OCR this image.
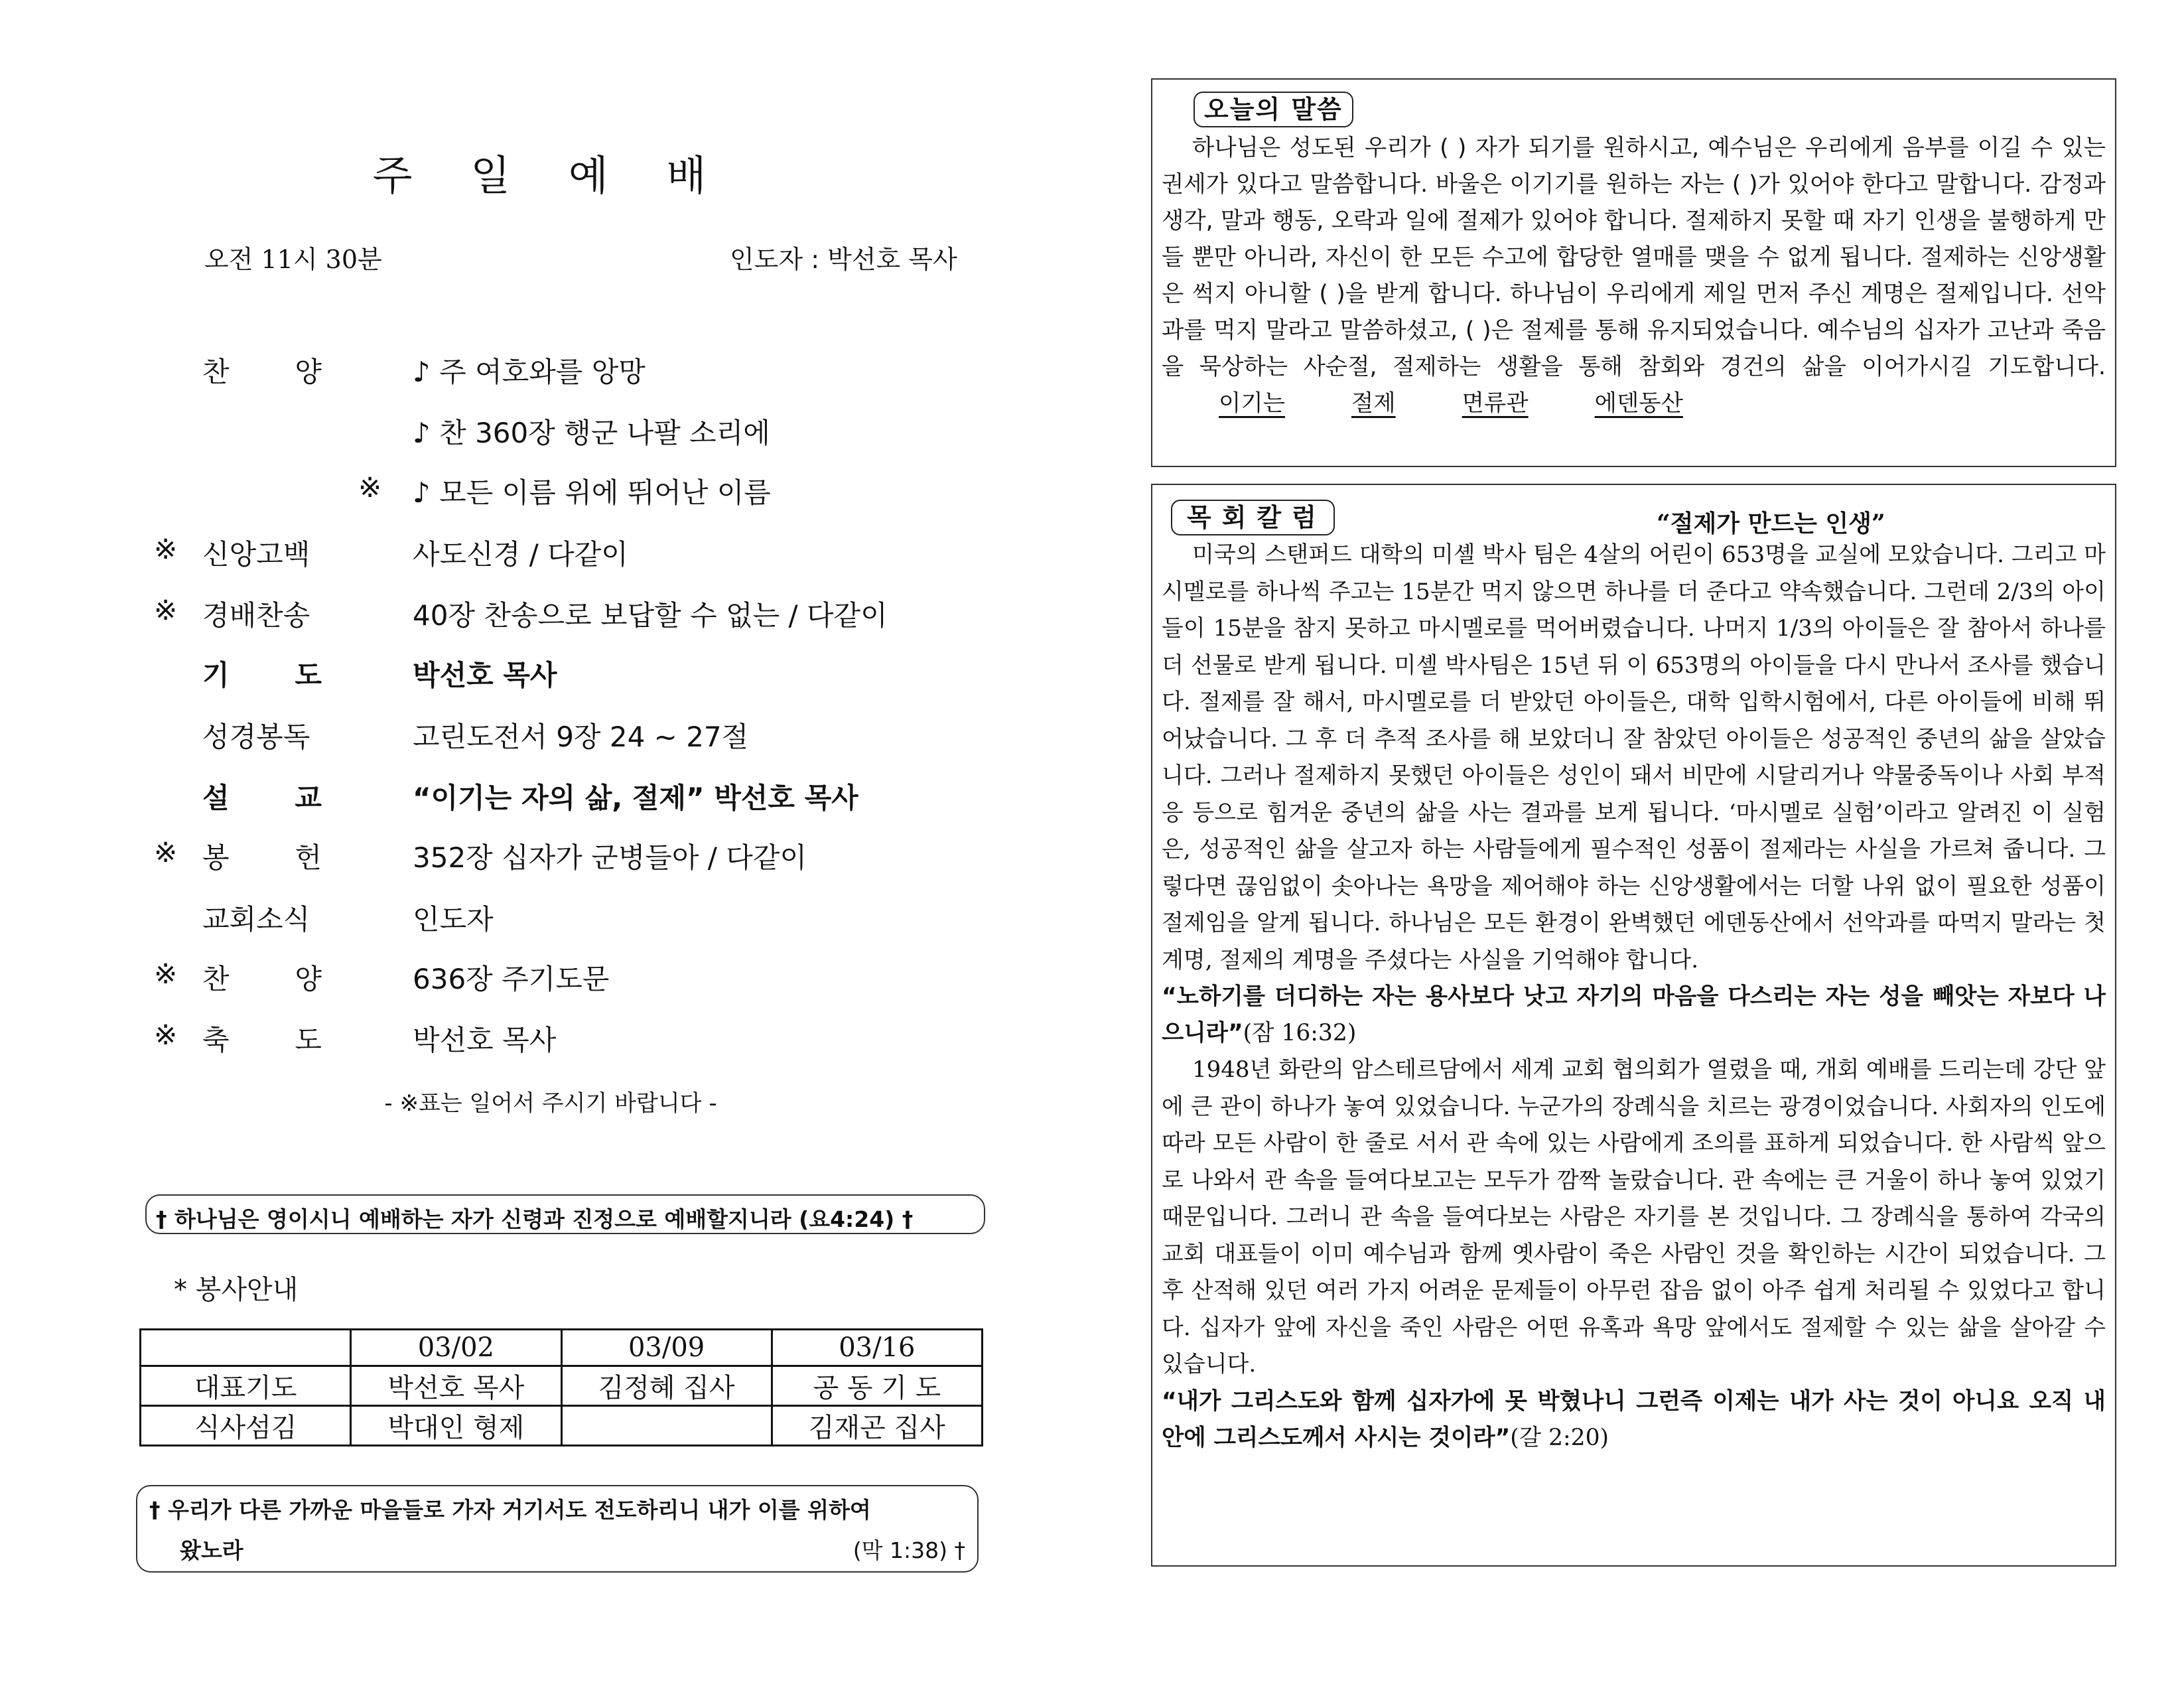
주 일 예 배
오전 11시 30분	인도자 : 박선호 목사
찬 양	♪ 주 여호와를 앙망
♪ 찬 360장 행군 나팔 소리에
※	♪ 모든 이름 위에 뛰어난 이름
※ 신앙고백	사도신경 / 다같이
※ 경배찬송	40장 찬송으로 보답할 수 없는 / 다같이
기 도	박선호 목사
성경봉독	고린도전서 9장 24 ~ 27절
설 교	“이기는 자의 삶, 절제” 박선호 목사
※ 봉 헌	352장 십자가 군병들아 / 다같이
교회소식	인도자
※ 찬 양	636장 주기도문
※ 축 도	박선호 목사
- ※표는 일어서 주시기 바랍니다 -
† 하나님은 영이시니 예배하는 자가 신령과 진정으로 예배할지니라 (요4:24) †
* 봉사안내
	03/02	03/09	03/16
대표기도	박선호 목사	김정혜 집사	공 동 기 도
식사섬김	박대인 형제		김재곤 집사
† 우리가 다른 가까운 마을들로 가자 거기서도 전도하리니 내가 이를 위하여
왔노라	(막 1:38) †
오늘의 말씀

하나님은 성도된 우리가 ( ) 자가 되기를 원하시고, 예수님은 우리에게 음부를 이길 수 있는 권세가 있다고 말씀합니다. 바울은 이기기를 원하는 자는 ( )가 있어야 한다고 말합니다. 감정과 생각, 말과 행동, 오락과 일에 절제가 있어야 합니다. 절제하지 못할 때 자기 인생을 불행하게 만들 뿐만 아니라, 자신이 한 모든 수고에 합당한 열매를 맺을 수 없게 됩니다. 절제하는 신앙생활은 썩지 아니할 ( )을 받게 합니다. 하나님이 우리에게 제일 먼저 주신 계명은 절제입니다. 선악과를 먹지 말라고 말씀하셨고, ( )은 절제를 통해 유지되었습니다. 예수님의 십자가 고난과 죽음을 묵상하는 사순절, 절제하는 생활을 통해 참회와 경건의 삶을 이어가시길 기도합니다.
이기는	절제	면류관	에덴동산

목회칼럼	“절제가 만드는 인생”

미국의 스탠퍼드 대학의 미셸 박사 팀은 4살의 어린이 653명을 교실에 모았습니다. 그리고 마시멜로를 하나씩 주고는 15분간 먹지 않으면 하나를 더 준다고 약속했습니다. 그런데 2/3의 아이들이 15분을 참지 못하고 마시멜로를 먹어버렸습니다. 나머지 1/3의 아이들은 잘 참아서 하나를 더 선물로 받게 됩니다. 미셸 박사팀은 15년 뒤 이 653명의 아이들을 다시 만나서 조사를 했습니다. 절제를 잘 해서, 마시멜로를 더 받았던 아이들은, 대학 입학시험에서, 다른 아이들에 비해 뛰어났습니다. 그 후 더 추적 조사를 해 보았더니 잘 참았던 아이들은 성공적인 중년의 삶을 살았습니다. 그러나 절제하지 못했던 아이들은 성인이 돼서 비만에 시달리거나 약물중독이나 사회 부적응 등으로 힘겨운 중년의 삶을 사는 결과를 보게 됩니다. ‘마시멜로 실험’이라고 알려진 이 실험은, 성공적인 삶을 살고자 하는 사람들에게 필수적인 성품이 절제라는 사실을 가르쳐 줍니다. 그렇다면 끊임없이 솟아나는 욕망을 제어해야 하는 신앙생활에서는 더할 나위 없이 필요한 성품이 절제임을 알게 됩니다. 하나님은 모든 환경이 완벽했던 에덴동산에서 선악과를 따먹지 말라는 첫 계명, 절제의 계명을 주셨다는 사실을 기억해야 합니다.

“노하기를 더디하는 자는 용사보다 낫고 자기의 마음을 다스리는 자는 성을 빼앗는 자보다 나으니라”(잠 16:32)

1948년 화란의 암스테르담에서 세계 교회 협의회가 열렸을 때, 개회 예배를 드리는데 강단 앞에 큰 관이 하나가 놓여 있었습니다. 누군가의 장례식을 치르는 광경이었습니다. 사회자의 인도에 따라 모든 사람이 한 줄로 서서 관 속에 있는 사람에게 조의를 표하게 되었습니다. 한 사람씩 앞으로 나와서 관 속을 들여다보고는 모두가 깜짝 놀랐습니다. 관 속에는 큰 거울이 하나 놓여 있었기 때문입니다. 그러니 관 속을 들여다보는 사람은 자기를 본 것입니다. 그 장례식을 통하여 각국의 교회 대표들이 이미 예수님과 함께 옛사람이 죽은 사람인 것을 확인하는 시간이 되었습니다. 그 후 산적해 있던 여러 가지 어려운 문제들이 아무런 잡음 없이 아주 쉽게 처리될 수 있었다고 합니다. 십자가 앞에 자신을 죽인 사람은 어떤 유혹과 욕망 앞에서도 절제할 수 있는 삶을 살아갈 수 있습니다.

“내가 그리스도와 함께 십자가에 못 박혔나니 그런즉 이제는 내가 사는 것이 아니요 오직 내 안에 그리스도께서 사시는 것이라”(갈 2:20)
